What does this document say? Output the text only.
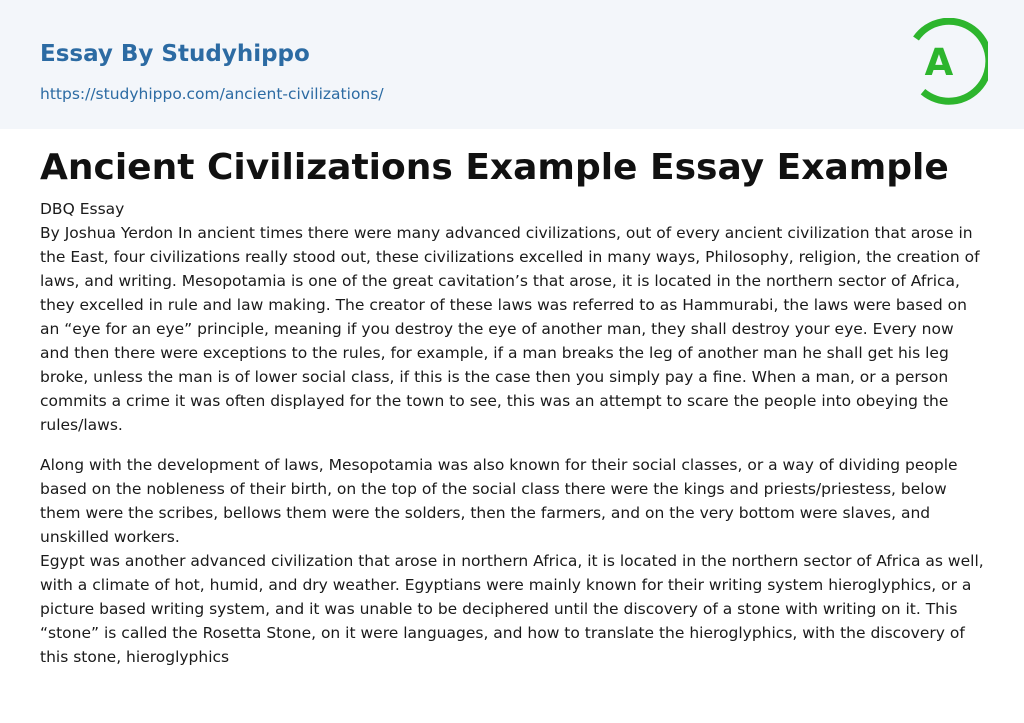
Essay By Studyhippo
https://studyhippo.com/ancient-civilizations/
A
Ancient Civilizations Example Essay Example
DBQ Essay

By Joshua Yerdon In ancient times there were many advanced civilizations, out of every ancient civilization that arose in the East, four civilizations really stood out, these civilizations excelled in many ways, Philosophy, religion, the creation of laws, and writing. Mesopotamia is one of the great cavitation’s that arose, it is located in the northern sector of Africa, they excelled in rule and law making. The creator of these laws was referred to as Hammurabi, the laws were based on an “eye for an eye” principle, meaning if you destroy the eye of another man, they shall destroy your eye. Every now and then there were exceptions to the rules, for example, if a man breaks the leg of another man he shall get his leg broke, unless the man is of lower social class, if this is the case then you simply pay a fine. When a man, or a person commits a crime it was often displayed for the town to see, this was an attempt to scare the people into obeying the rules/laws.

Along with the development of laws, Mesopotamia was also known for their social classes, or a way of dividing people based on the nobleness of their birth, on the top of the social class there were the kings and priests/priestess, below them were the scribes, bellows them were the solders, then the farmers, and on the very bottom were slaves, and unskilled workers.

Egypt was another advanced civilization that arose in northern Africa, it is located in the northern sector of Africa as well, with a climate of hot, humid, and dry weather. Egyptians were mainly known for their writing system hieroglyphics, or a picture based writing system, and it was unable to be deciphered until the discovery of a stone with writing on it. This “stone” is called the Rosetta Stone, on it were languages, and how to translate the hieroglyphics, with the discovery of this stone, hieroglyphics
